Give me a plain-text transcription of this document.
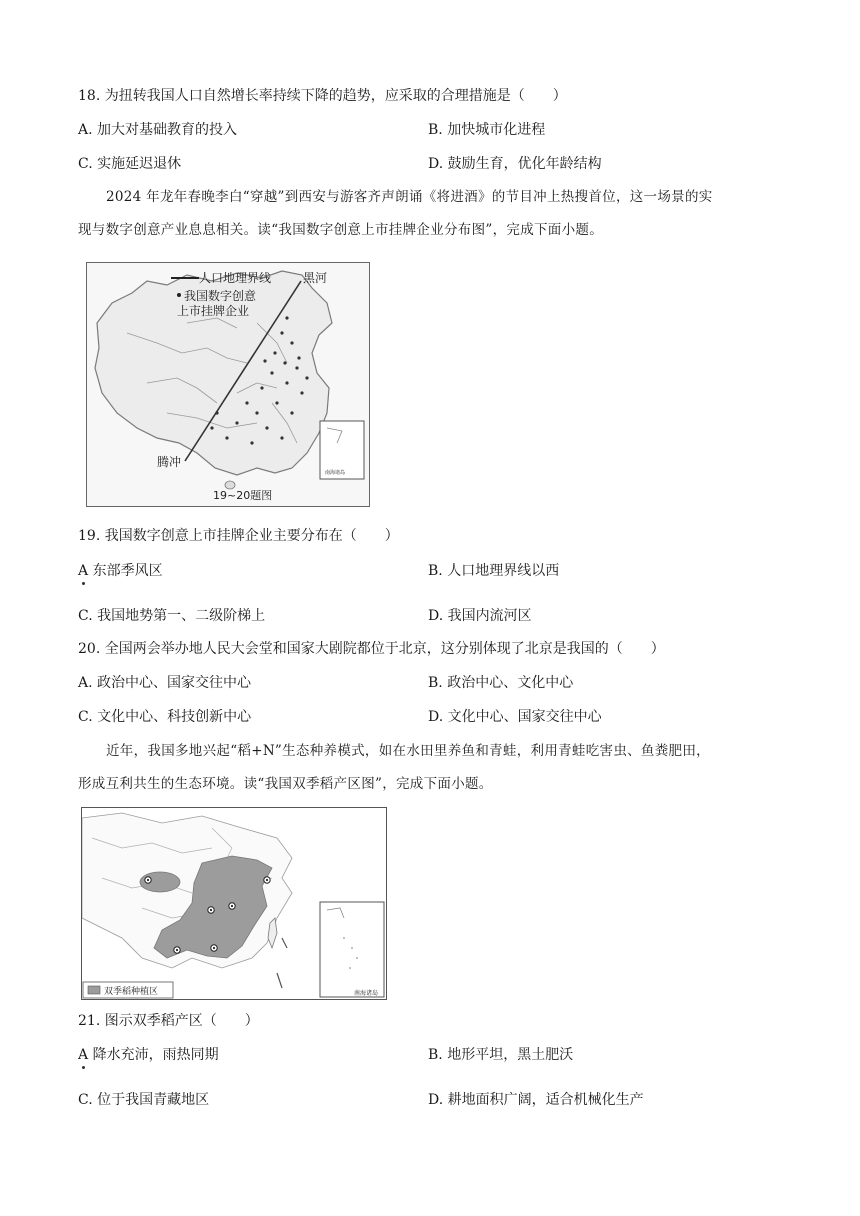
18. 为扭转我国人口自然增长率持续下降的趋势，应采取的合理措施是（　　）
A. 加大对基础教育的投入	B. 加快城市化进程
C. 实施延迟退休	D. 鼓励生育，优化年龄结构
2024 年龙年春晚李白“穿越”到西安与游客齐声朗诵《将进酒》的节目冲上热搜首位，这一场景的实
现与数字创意产业息息相关。读“我国数字创意上市挂牌企业分布图”，完成下面小题。
人口地理界线
我国数字创意
上市挂牌企业
黑河
腾冲
19~20题图
南海诸岛
19. 我国数字创意上市挂牌企业主要分布在（　　）
A 东部季风区	B. 人口地理界线以西
C. 我国地势第一、二级阶梯上	D. 我国内流河区
20. 全国两会举办地人民大会堂和国家大剧院都位于北京，这分别体现了北京是我国的（　　）
A. 政治中心、国家交往中心	B. 政治中心、文化中心
C. 文化中心、科技创新中心	D. 文化中心、国家交往中心
近年，我国多地兴起“稻+N”生态种养模式，如在水田里养鱼和青蛙，利用青蛙吃害虫、鱼粪肥田，
形成互利共生的生态环境。读“我国双季稻产区图”，完成下面小题。
双季稻种植区	南海诸岛
21. 图示双季稻产区（　　）
A 降水充沛，雨热同期	B. 地形平坦，黑土肥沃
C. 位于我国青藏地区	D. 耕地面积广阔，适合机械化生产
